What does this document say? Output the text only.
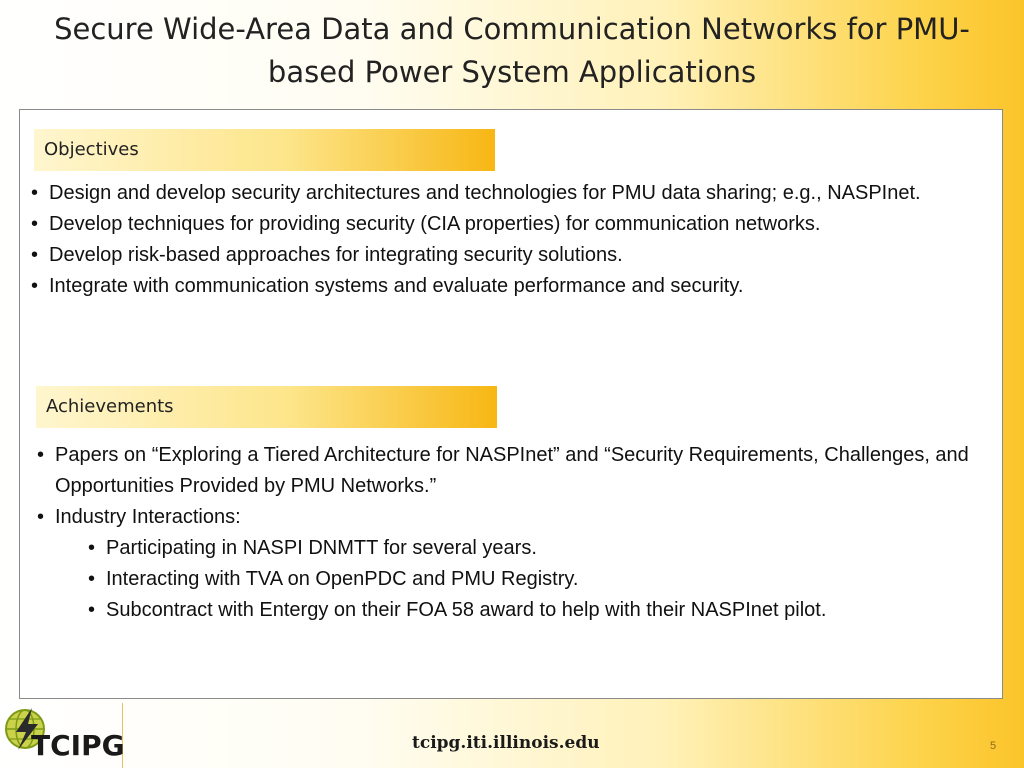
Secure Wide-Area Data and Communication Networks for PMU-based Power System Applications
Objectives
• Design and develop security architectures and technologies for PMU data sharing; e.g., NASPInet.
• Develop techniques for providing security (CIA properties) for communication networks.
• Develop risk-based approaches for integrating security solutions.
• Integrate with communication systems and evaluate performance and security.
Achievements
• Papers on “Exploring a Tiered Architecture for NASPInet” and “Security Requirements, Challenges, and Opportunities Provided by PMU Networks.”
• Industry Interactions:
• Participating in NASPI DNMTT for several years.
• Interacting with TVA on OpenPDC and PMU Registry.
• Subcontract with Entergy on their FOA 58 award to help with their NASPInet pilot.
TCIPG	tcipg.iti.illinois.edu	5
